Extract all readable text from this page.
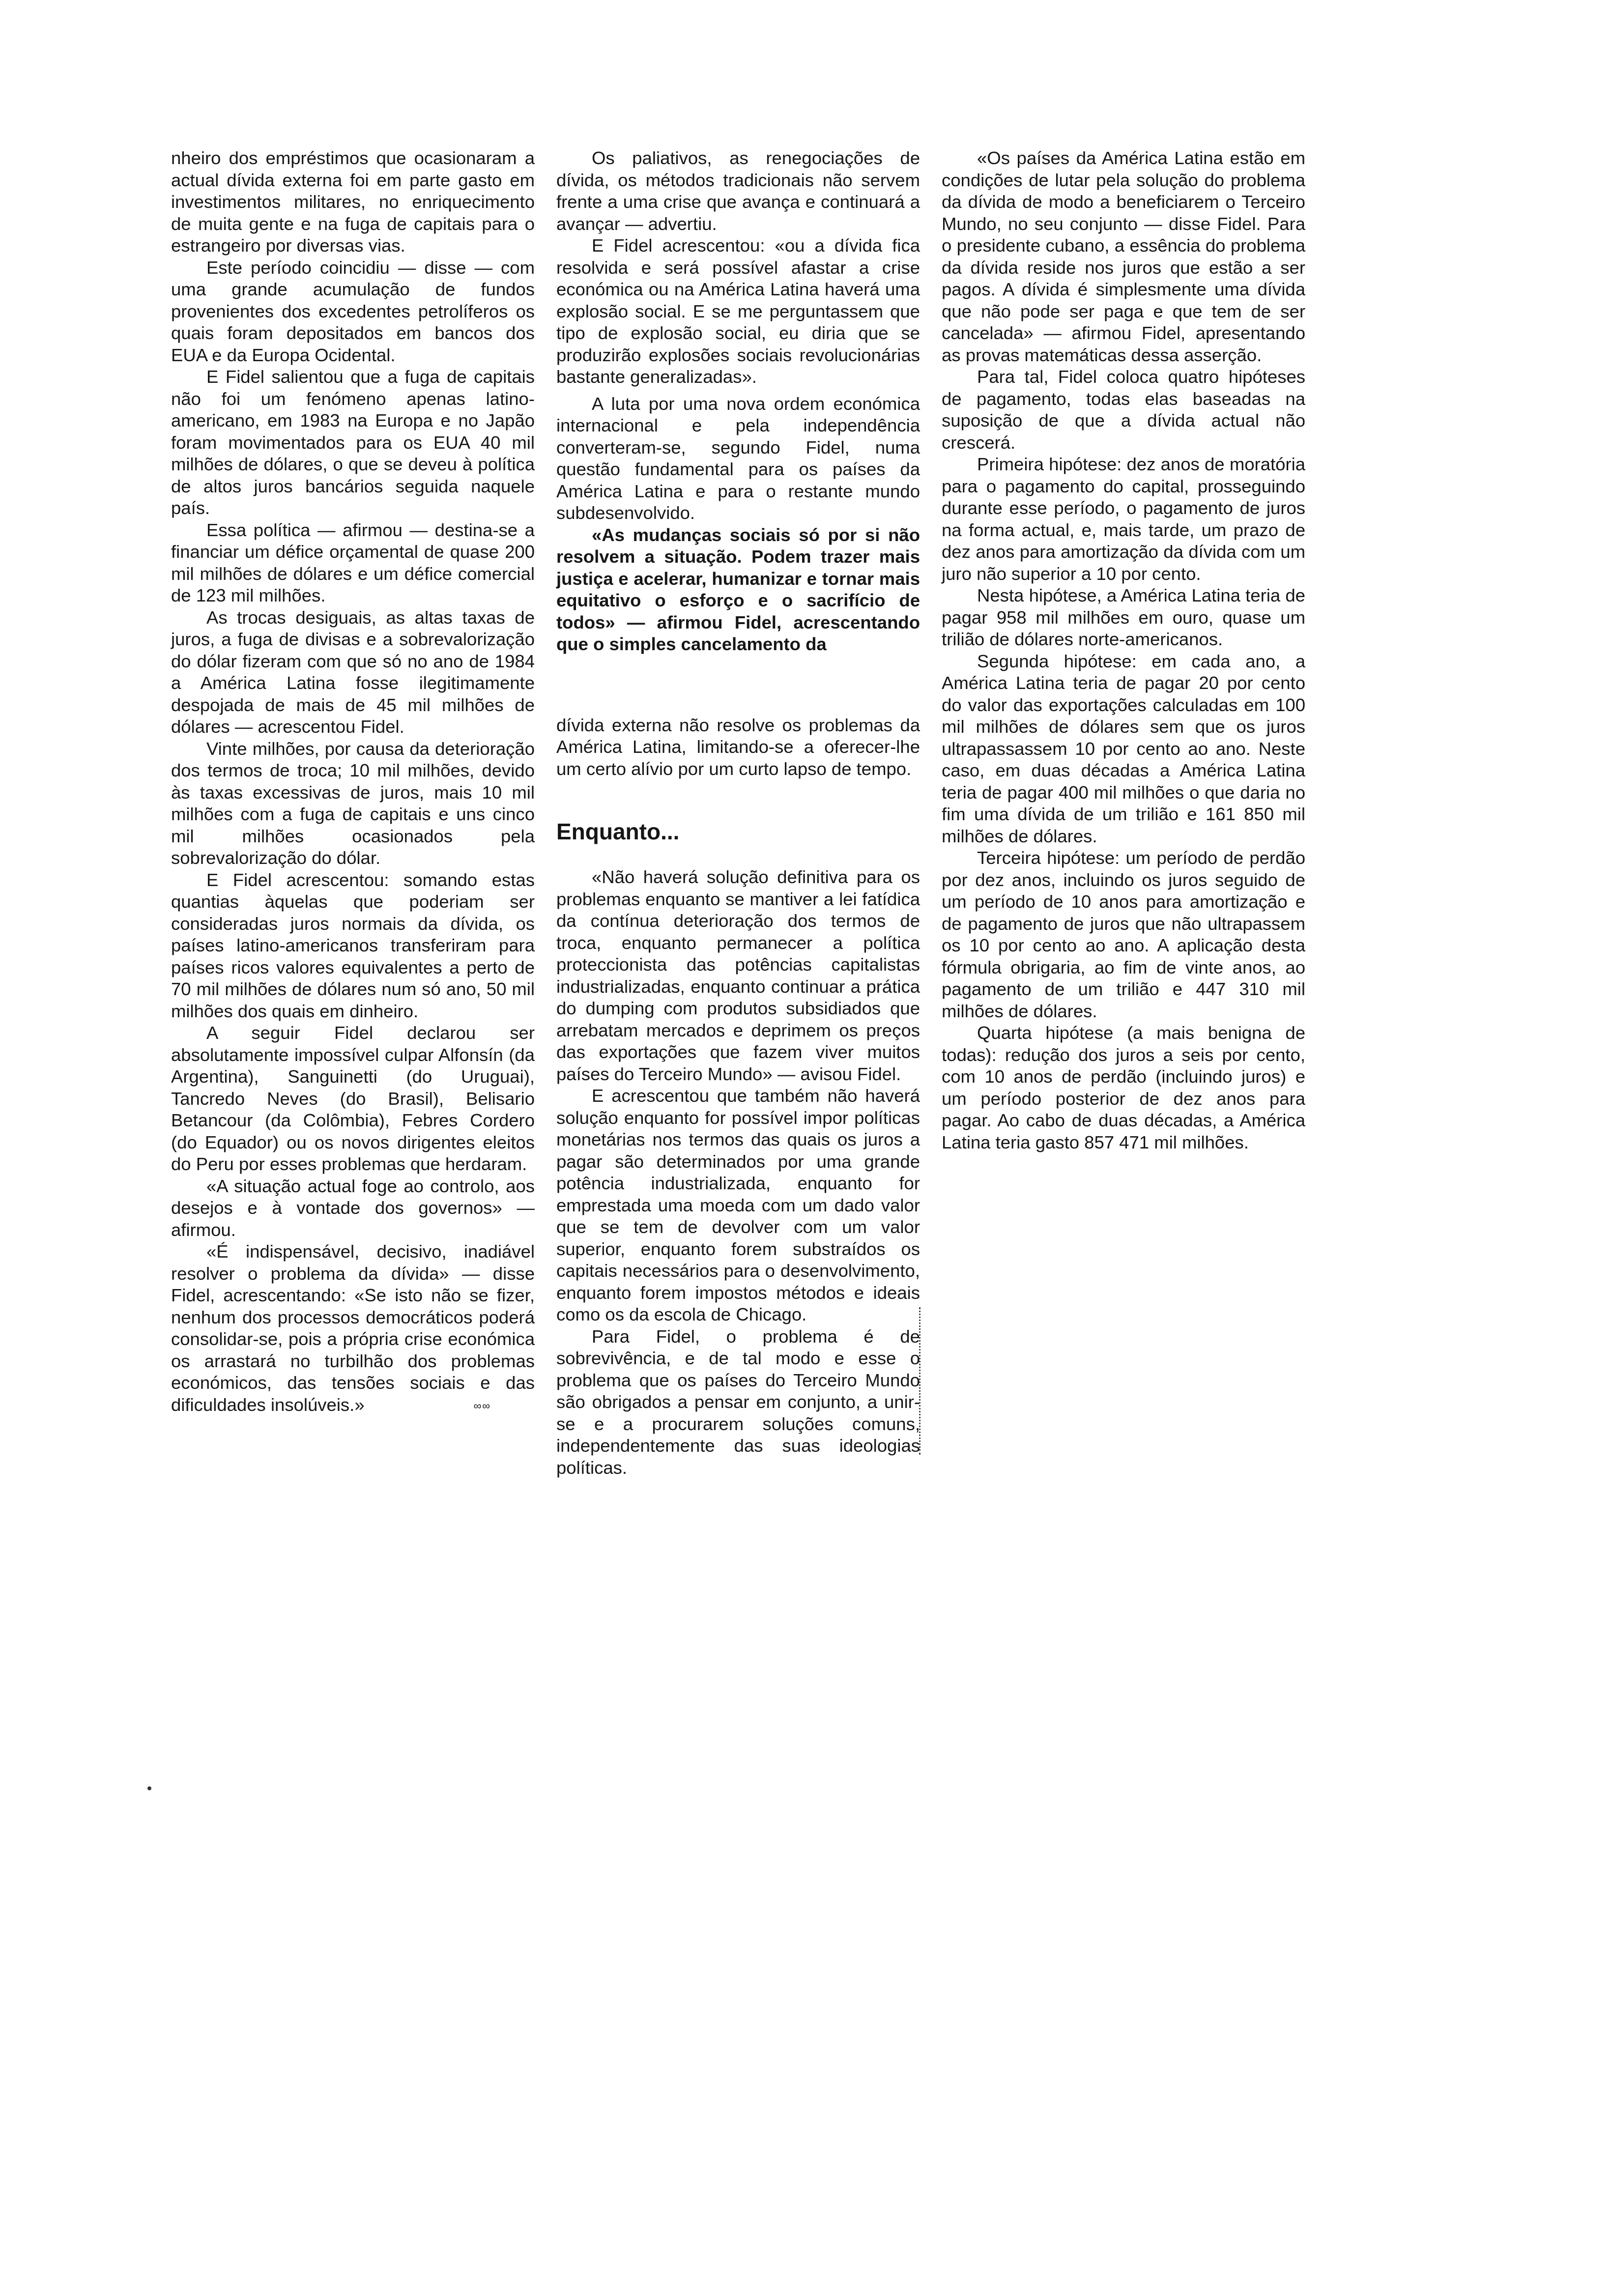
nheiro dos empréstimos que ocasionaram a actual dívida externa foi em parte gasto em investimentos militares, no enriquecimento de muita gente e na fuga de capitais para o estrangeiro por diversas vias.

Este período coincidiu — disse — com uma grande acumulação de fundos provenientes dos excedentes petrolíferos os quais foram depositados em bancos dos EUA e da Europa Ocidental.

E Fidel salientou que a fuga de capitais não foi um fenómeno apenas latino-americano, em 1983 na Europa e no Japão foram movimentados para os EUA 40 mil milhões de dólares, o que se deveu à política de altos juros bancários seguida naquele país.

Essa política — afirmou — destina-se a financiar um défice orçamental de quase 200 mil milhões de dólares e um défice comercial de 123 mil milhões.

As trocas desiguais, as altas taxas de juros, a fuga de divisas e a sobrevalorização do dólar fizeram com que só no ano de 1984 a América Latina fosse ilegitimamente despojada de mais de 45 mil milhões de dólares — acrescentou Fidel.

Vinte milhões, por causa da deterioração dos termos de troca; 10 mil milhões, devido às taxas excessivas de juros, mais 10 mil milhões com a fuga de capitais e uns cinco mil milhões ocasionados pela sobrevalorização do dólar.

E Fidel acrescentou: somando estas quantias àquelas que poderiam ser consideradas juros normais da dívida, os países latino-americanos transferiram para países ricos valores equivalentes a perto de 70 mil milhões de dólares num só ano, 50 mil milhões dos quais em dinheiro.

A seguir Fidel declarou ser absolutamente impossível culpar Alfonsín (da Argentina), Sanguinetti (do Uruguai), Tancredo Neves (do Brasil), Belisario Betancour (da Colômbia), Febres Cordero (do Equador) ou os novos dirigentes eleitos do Peru por esses problemas que herdaram.

«A situação actual foge ao controlo, aos desejos e à vontade dos governos» — afirmou.

«É indispensável, decisivo, inadiável resolver o problema da dívida» — disse Fidel, acrescentando: «Se isto não se fizer, nenhum dos processos democráticos poderá consolidar-se, pois a própria crise económica os arrastará no turbilhão dos problemas económicos, das tensões sociais e das dificuldades insolúveis.»	∞∞

Os paliativos, as renegociações de dívida, os métodos tradicionais não servem frente a uma crise que avança e continuará a avançar — advertiu.

E Fidel acrescentou: «ou a dívida fica resolvida e será possível afastar a crise económica ou na América Latina haverá uma explosão social. E se me perguntassem que tipo de explosão social, eu diria que se produzirão explosões sociais revolucionárias bastante generalizadas».

A luta por uma nova ordem económica internacional e pela independência converteram-se, segundo Fidel, numa questão fundamental para os países da América Latina e para o restante mundo subdesenvolvido.

«As mudanças sociais só por si não resolvem a situação. Podem trazer mais justiça e acelerar, humanizar e tornar mais equitativo o esforço e o sacrifício de todos» — afirmou Fidel, acrescentando que o simples cancelamento da

dívida externa não resolve os problemas da América Latina, limitando-se a oferecer-lhe um certo alívio por um curto lapso de tempo.

Enquanto...

«Não haverá solução definitiva para os problemas enquanto se mantiver a lei fatídica da contínua deterioração dos termos de troca, enquanto permanecer a política proteccionista das potências capitalistas industrializadas, enquanto continuar a prática do dumping com produtos subsidiados que arrebatam mercados e deprimem os preços das exportações que fazem viver muitos países do Terceiro Mundo» — avisou Fidel.

E acrescentou que também não haverá solução enquanto for possível impor políticas monetárias nos termos das quais os juros a pagar são determinados por uma grande potência industrializada, enquanto for emprestada uma moeda com um dado valor que se tem de devolver com um valor superior, enquanto forem substraídos os capitais necessários para o desenvolvimento, enquanto forem impostos métodos e ideais como os da escola de Chicago.

Para Fidel, o problema é de sobrevivência, e de tal modo e esse o problema que os países do Terceiro Mundo são obrigados a pensar em conjunto, a unir-se e a procurarem soluções comuns, independentemente das suas ideologias políticas.

«Os países da América Latina estão em condições de lutar pela solução do problema da dívida de modo a beneficiarem o Terceiro Mundo, no seu conjunto — disse Fidel. Para o presidente cubano, a essência do problema da dívida reside nos juros que estão a ser pagos. A dívida é simplesmente uma dívida que não pode ser paga e que tem de ser cancelada» — afirmou Fidel, apresentando as provas matemáticas dessa asserção.

Para tal, Fidel coloca quatro hipóteses de pagamento, todas elas baseadas na suposição de que a dívida actual não crescerá.

Primeira hipótese: dez anos de moratória para o pagamento do capital, prosseguindo durante esse período, o pagamento de juros na forma actual, e, mais tarde, um prazo de dez anos para amortização da dívida com um juro não superior a 10 por cento.

Nesta hipótese, a América Latina teria de pagar 958 mil milhões em ouro, quase um trilião de dólares norte-americanos.

Segunda hipótese: em cada ano, a América Latina teria de pagar 20 por cento do valor das exportações calculadas em 100 mil milhões de dólares sem que os juros ultrapassassem 10 por cento ao ano. Neste caso, em duas décadas a América Latina teria de pagar 400 mil milhões o que daria no fim uma dívida de um trilião e 161 850 mil milhões de dólares.

Terceira hipótese: um período de perdão por dez anos, incluindo os juros seguido de um período de 10 anos para amortização e de pagamento de juros que não ultrapassem os 10 por cento ao ano. A aplicação desta fórmula obrigaria, ao fim de vinte anos, ao pagamento de um trilião e 447 310 mil milhões de dólares.

Quarta hipótese (a mais benigna de todas): redução dos juros a seis por cento, com 10 anos de perdão (incluindo juros) e um período posterior de dez anos para pagar. Ao cabo de duas décadas, a América Latina teria gasto 857 471 mil milhões.
